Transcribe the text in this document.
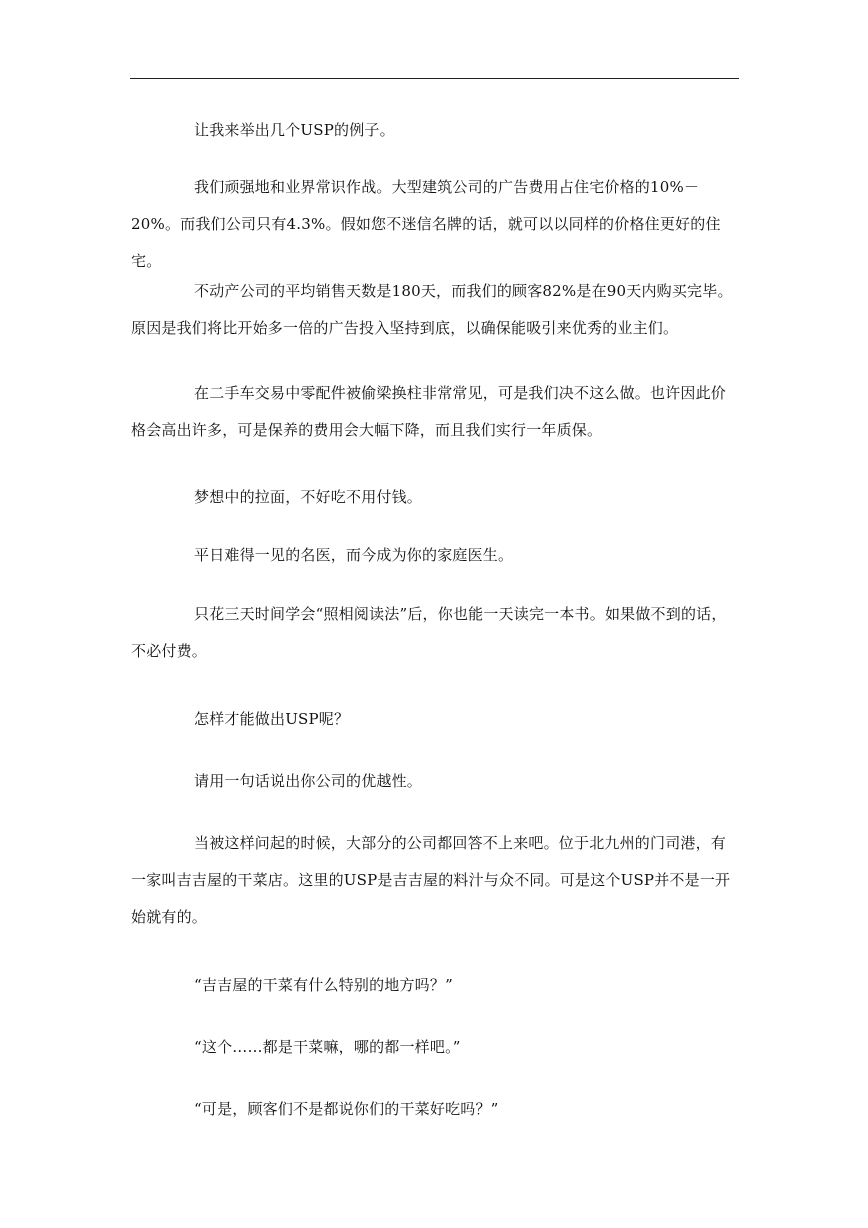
让我来举出几个USP的例子。

我们顽强地和业界常识作战。大型建筑公司的广告费用占住宅价格的10%－20%。而我们公司只有4.3%。假如您不迷信名牌的话，就可以以同样的价格住更好的住宅。

不动产公司的平均销售天数是180天，而我们的顾客82%是在90天内购买完毕。原因是我们将比开始多一倍的广告投入坚持到底，以确保能吸引来优秀的业主们。

在二手车交易中零配件被偷梁换柱非常常见，可是我们决不这么做。也许因此价格会高出许多，可是保养的费用会大幅下降，而且我们实行一年质保。

梦想中的拉面，不好吃不用付钱。

平日难得一见的名医，而今成为你的家庭医生。

只花三天时间学会“照相阅读法”后，你也能一天读完一本书。如果做不到的话，不必付费。

怎样才能做出USP呢？

请用一句话说出你公司的优越性。

当被这样问起的时候，大部分的公司都回答不上来吧。位于北九州的门司港，有一家叫吉吉屋的干菜店。这里的USP是吉吉屋的料汁与众不同。可是这个USP并不是一开始就有的。

“吉吉屋的干菜有什么特别的地方吗？”

“这个……都是干菜嘛，哪的都一样吧。”

“可是，顾客们不是都说你们的干菜好吃吗？”
